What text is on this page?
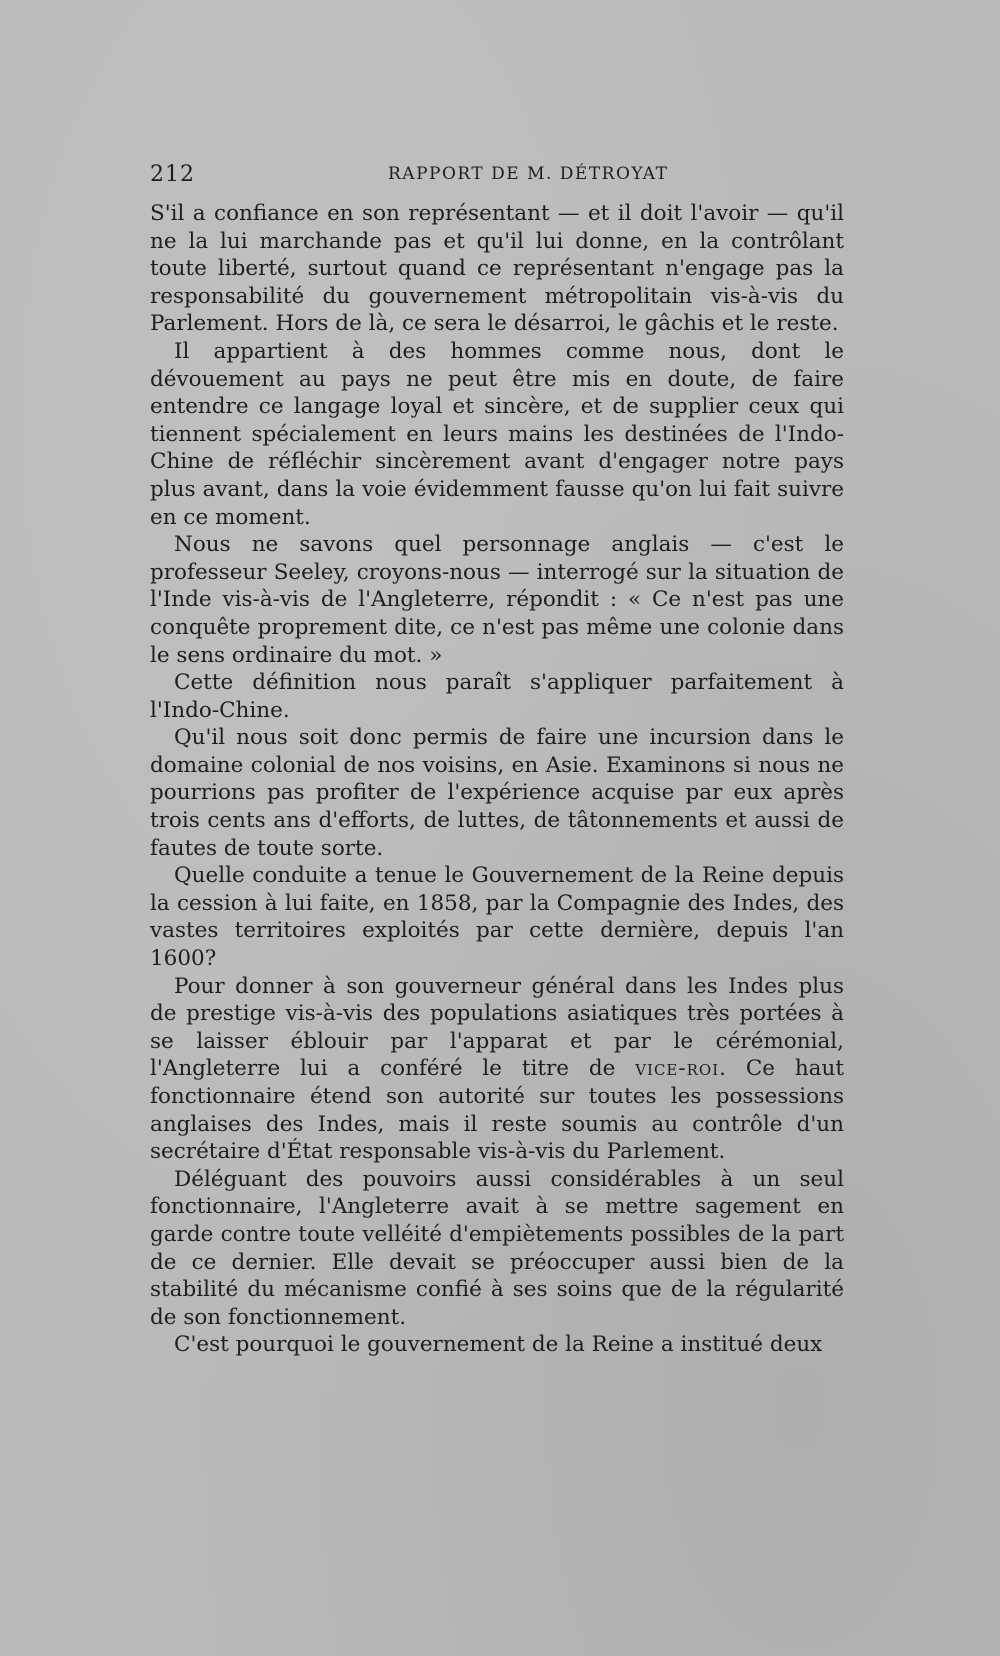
212	RAPPORT DE M. DÉTROYAT

S'il a confiance en son représentant — et il doit l'avoir — qu'il ne la lui marchande pas et qu'il lui donne, en la contrôlant toute liberté, surtout quand ce représentant n'engage pas la responsabilité du gouvernement métropolitain vis-à-vis du Parlement. Hors de là, ce sera le désarroi, le gâchis et le reste.

Il appartient à des hommes comme nous, dont le dévouement au pays ne peut être mis en doute, de faire entendre ce langage loyal et sincère, et de supplier ceux qui tiennent spécialement en leurs mains les destinées de l'Indo-Chine de réfléchir sincèrement avant d'engager notre pays plus avant, dans la voie évidemment fausse qu'on lui fait suivre en ce moment.

Nous ne savons quel personnage anglais — c'est le professeur Seeley, croyons-nous — interrogé sur la situation de l'Inde vis-à-vis de l'Angleterre, répondit : « Ce n'est pas une conquête proprement dite, ce n'est pas même une colonie dans le sens ordinaire du mot. »

Cette définition nous paraît s'appliquer parfaitement à l'Indo-Chine.

Qu'il nous soit donc permis de faire une incursion dans le domaine colonial de nos voisins, en Asie. Examinons si nous ne pourrions pas profiter de l'expérience acquise par eux après trois cents ans d'efforts, de luttes, de tâtonnements et aussi de fautes de toute sorte.

Quelle conduite a tenue le Gouvernement de la Reine depuis la cession à lui faite, en 1858, par la Compagnie des Indes, des vastes territoires exploités par cette dernière, depuis l'an 1600?

Pour donner à son gouverneur général dans les Indes plus de prestige vis-à-vis des populations asiatiques très portées à se laisser éblouir par l'apparat et par le cérémonial, l'Angleterre lui a conféré le titre de vice-roi. Ce haut fonctionnaire étend son autorité sur toutes les possessions anglaises des Indes, mais il reste soumis au contrôle d'un secrétaire d'État responsable vis-à-vis du Parlement.

Déléguant des pouvoirs aussi considérables à un seul fonctionnaire, l'Angleterre avait à se mettre sagement en garde contre toute velléité d'empiètements possibles de la part de ce dernier. Elle devait se préoccuper aussi bien de la stabilité du mécanisme confié à ses soins que de la régularité de son fonctionnement.

C'est pourquoi le gouvernement de la Reine a institué deux
